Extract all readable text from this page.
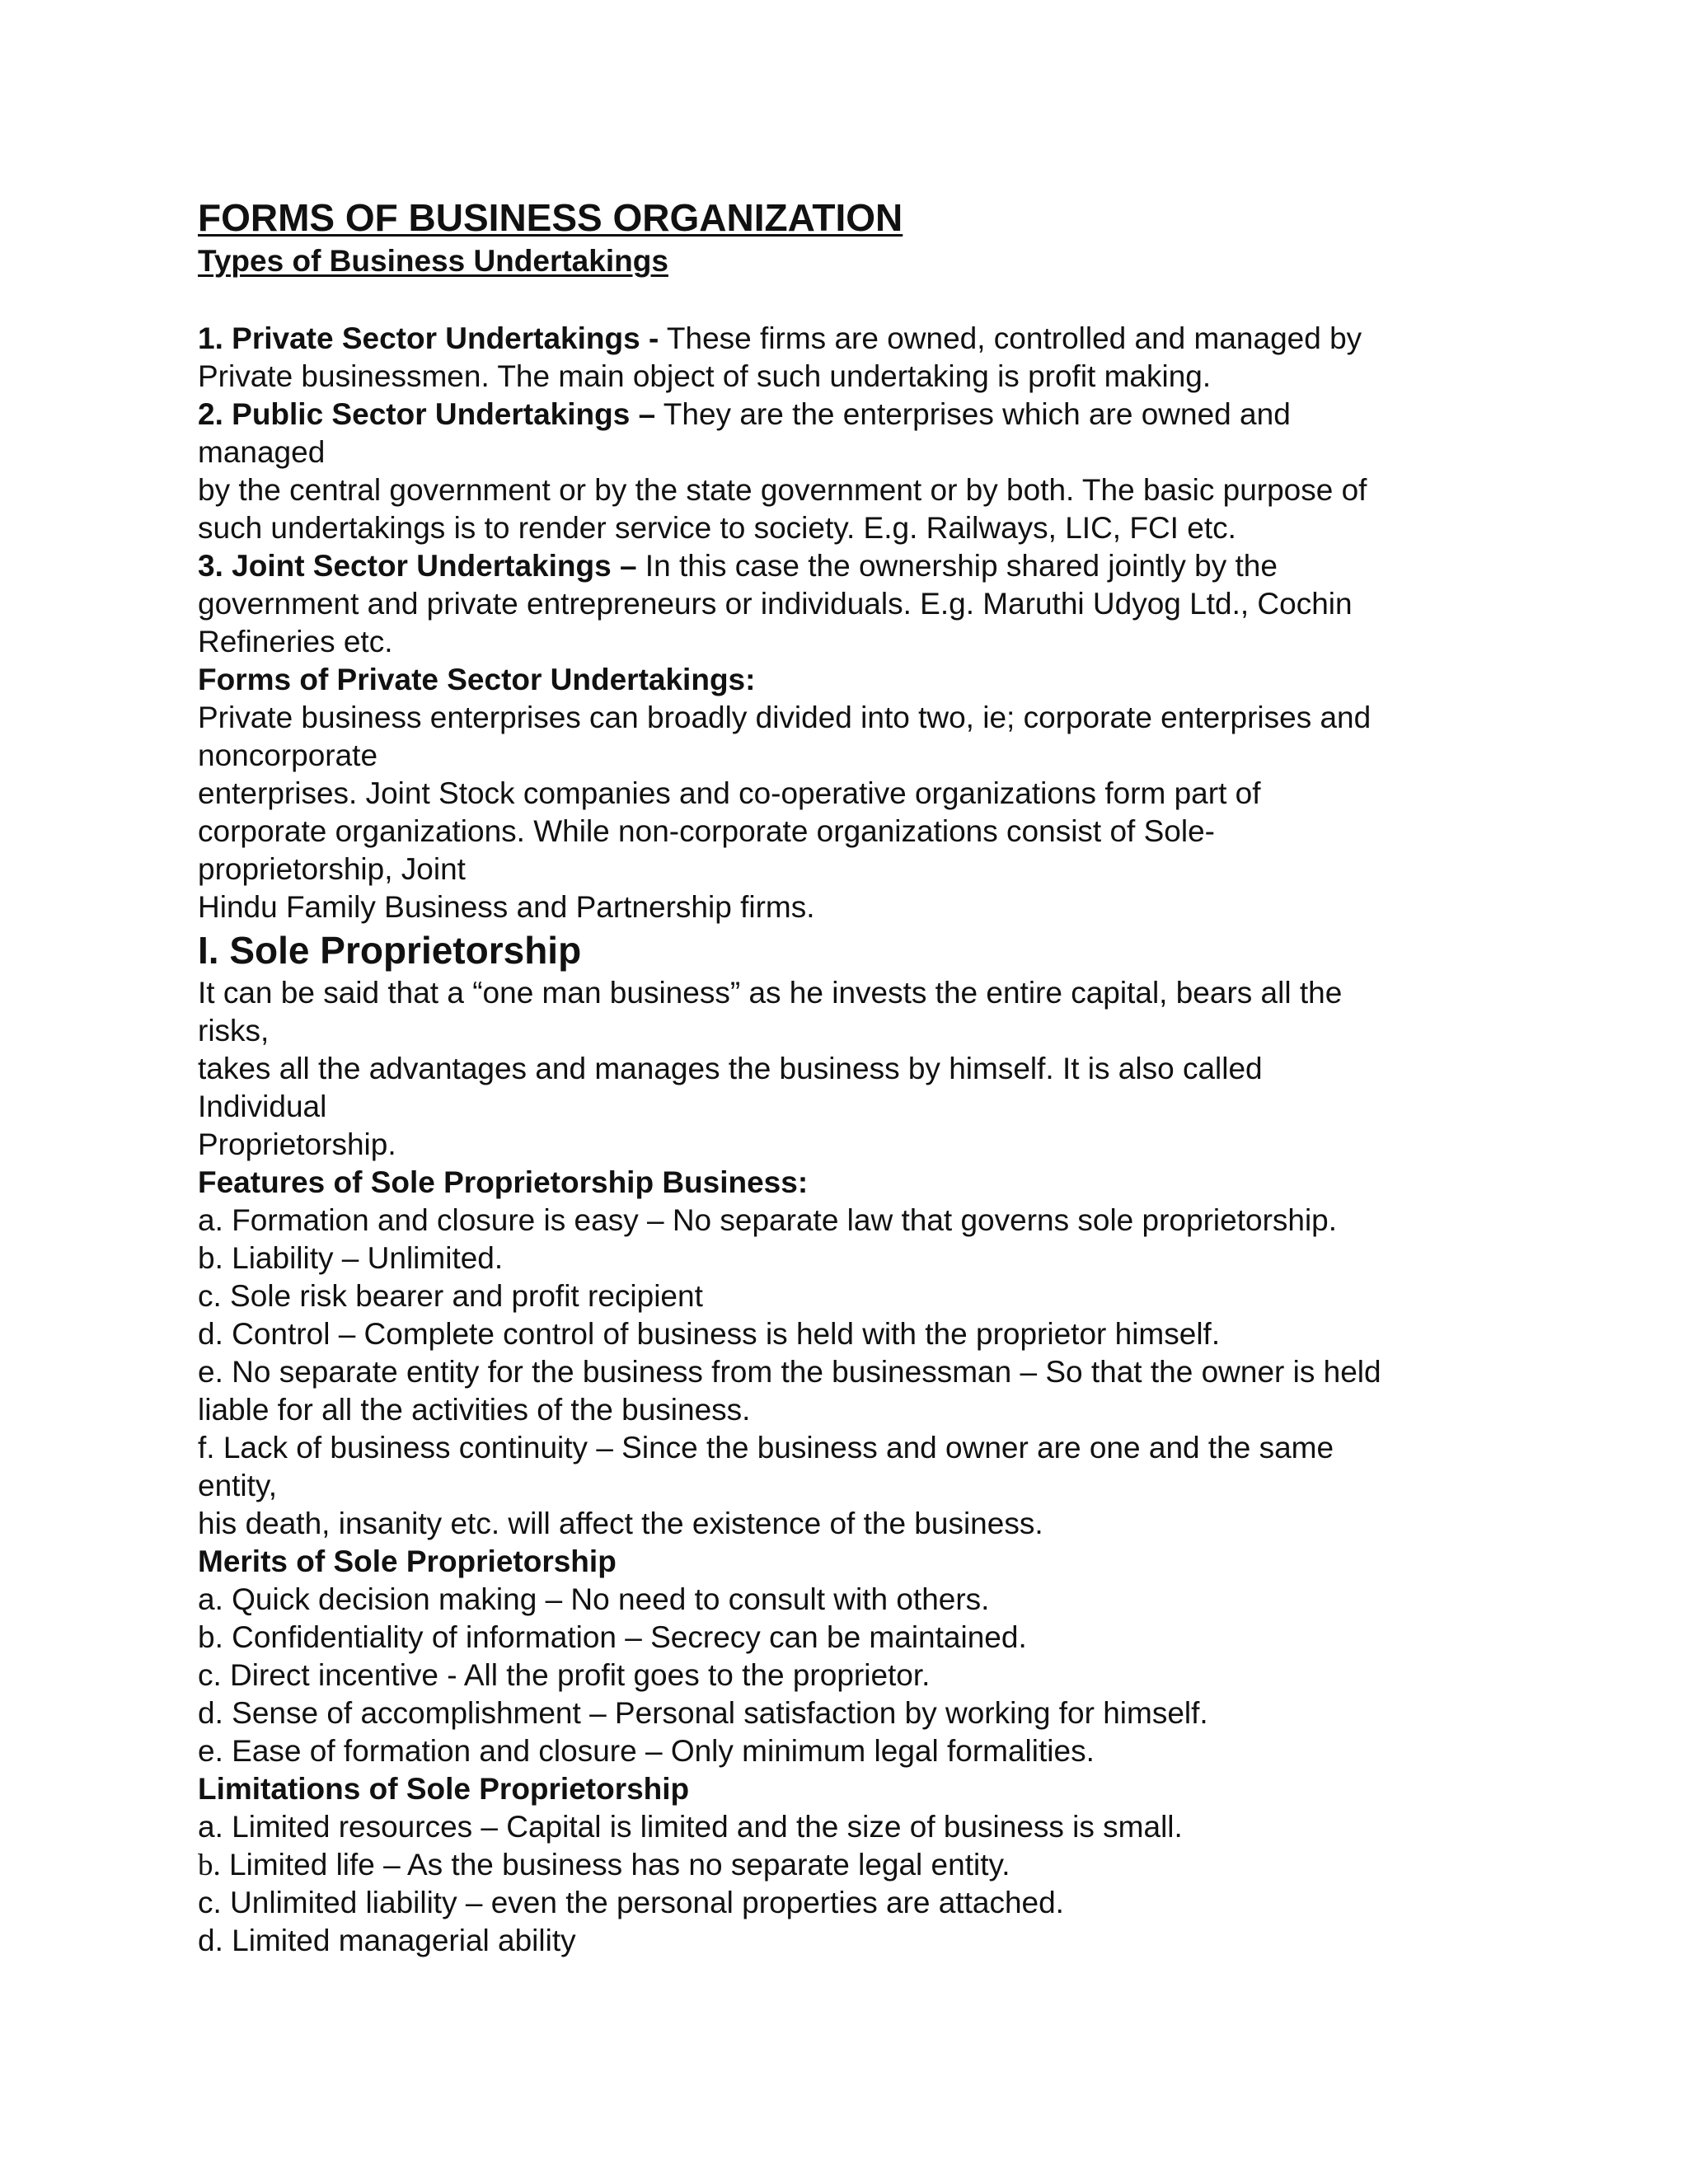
FORMS OF BUSINESS ORGANIZATION
Types of Business Undertakings
1. Private Sector Undertakings - These firms are owned, controlled and managed by
Private businessmen. The main object of such undertaking is profit making.
2. Public Sector Undertakings – They are the enterprises which are owned and
managed
by the central government or by the state government or by both. The basic purpose of
such undertakings is to render service to society. E.g. Railways, LIC, FCI etc.
3. Joint Sector Undertakings – In this case the ownership shared jointly by the
government and private entrepreneurs or individuals. E.g. Maruthi Udyog Ltd., Cochin
Refineries etc.
Forms of Private Sector Undertakings:
Private business enterprises can broadly divided into two, ie; corporate enterprises and
noncorporate
enterprises. Joint Stock companies and co-operative organizations form part of
corporate organizations. While non-corporate organizations consist of Sole-
proprietorship, Joint
Hindu Family Business and Partnership firms.
I. Sole Proprietorship
It can be said that a “one man business” as he invests the entire capital, bears all the
risks,
takes all the advantages and manages the business by himself. It is also called
Individual
Proprietorship.
Features of Sole Proprietorship Business:
a. Formation and closure is easy – No separate law that governs sole proprietorship.
b. Liability – Unlimited.
c. Sole risk bearer and profit recipient
d. Control – Complete control of business is held with the proprietor himself.
e. No separate entity for the business from the businessman – So that the owner is held
liable for all the activities of the business.
f. Lack of business continuity – Since the business and owner are one and the same
entity,
his death, insanity etc. will affect the existence of the business.
Merits of Sole Proprietorship
a. Quick decision making – No need to consult with others.
b. Confidentiality of information – Secrecy can be maintained.
c. Direct incentive - All the profit goes to the proprietor.
d. Sense of accomplishment – Personal satisfaction by working for himself.
e. Ease of formation and closure – Only minimum legal formalities.
Limitations of Sole Proprietorship
a. Limited resources – Capital is limited and the size of business is small.
b. Limited life – As the business has no separate legal entity.
c. Unlimited liability – even the personal properties are attached.
d. Limited managerial ability
